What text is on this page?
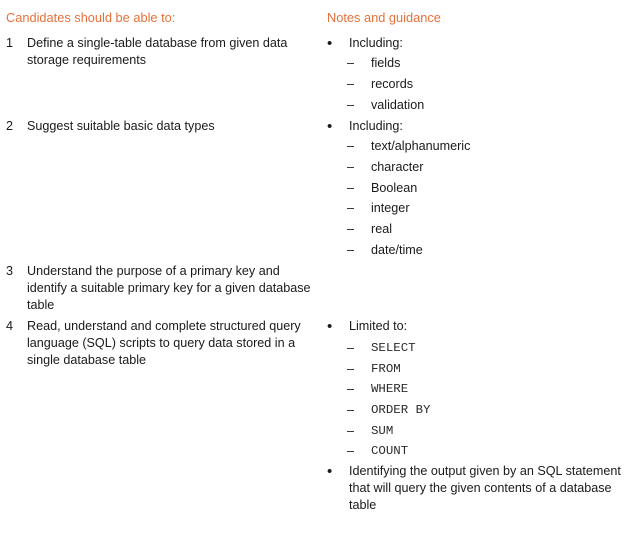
Candidates should be able to:	Notes and guidance
1 Define a single-table database from given data storage requirements
2 Suggest suitable basic data types
3 Understand the purpose of a primary key and identify a suitable primary key for a given database table
4 Read, understand and complete structured query language (SQL) scripts to query data stored in a single database table
• Including:
– fields
– records
– validation
• Including:
– text/alphanumeric
– character
– Boolean
– integer
– real
– date/time
• Limited to:
– SELECT
– FROM
– WHERE
– ORDER BY
– SUM
– COUNT
• Identifying the output given by an SQL statement that will query the given contents of a database table
